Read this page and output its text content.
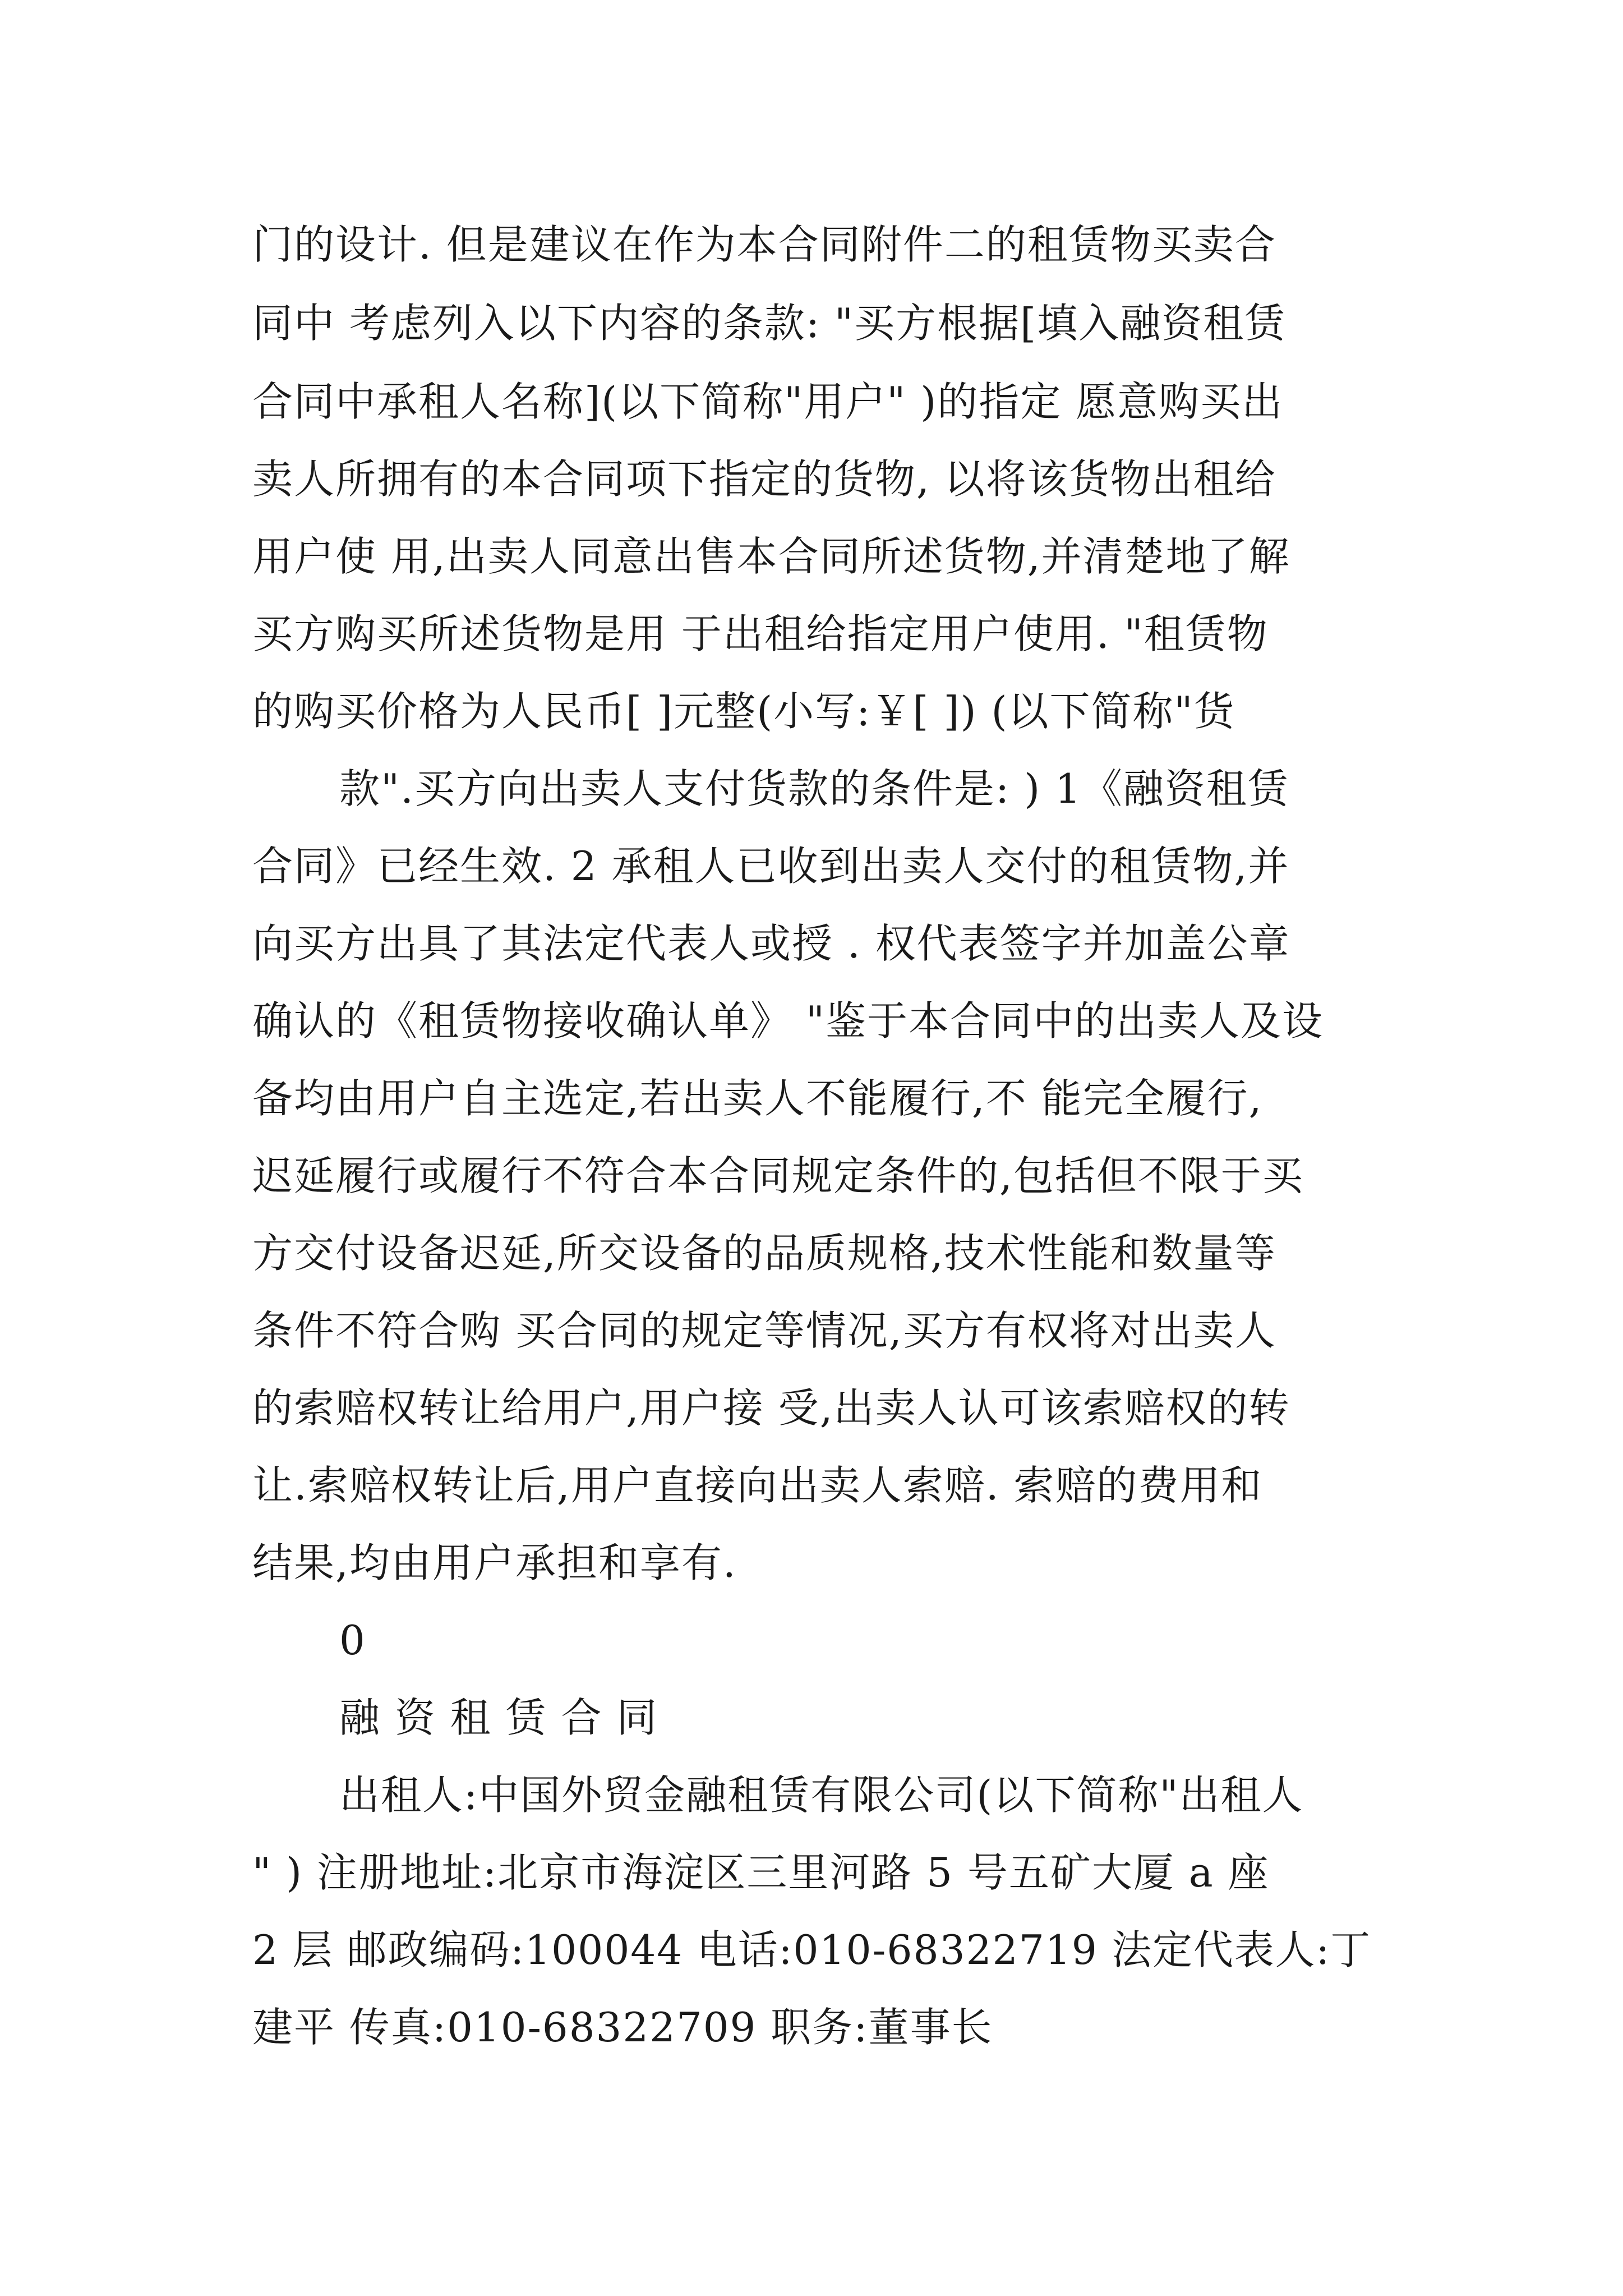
门的设计. 但是建议在作为本合同附件二的租赁物买卖合
同中 考虑列入以下内容的条款: "买方根据[填入融资租赁
合同中承租人名称](以下简称"用户" )的指定 愿意购买出
卖人所拥有的本合同项下指定的货物, 以将该货物出租给
用户使 用,出卖人同意出售本合同所述货物,并清楚地了解
买方购买所述货物是用 于出租给指定用户使用. "租赁物
的购买价格为人民币[ ]元整(小写:￥[ ]) (以下简称"货
款".买方向出卖人支付货款的条件是: ) 1《融资租赁
合同》已经生效. 2 承租人已收到出卖人交付的租赁物,并
向买方出具了其法定代表人或授 . 权代表签字并加盖公章
确认的《租赁物接收确认单》 "鉴于本合同中的出卖人及设
备均由用户自主选定,若出卖人不能履行,不 能完全履行,
迟延履行或履行不符合本合同规定条件的,包括但不限于买
方交付设备迟延,所交设备的品质规格,技术性能和数量等
条件不符合购 买合同的规定等情况,买方有权将对出卖人
的索赔权转让给用户,用户接 受,出卖人认可该索赔权的转
让.索赔权转让后,用户直接向出卖人索赔. 索赔的费用和
结果,均由用户承担和享有.
0
融 资 租 赁 合 同
出租人:中国外贸金融租赁有限公司(以下简称"出租人
" ) 注册地址:北京市海淀区三里河路 5 号五矿大厦 a 座
2 层 邮政编码:100044 电话:010-68322719 法定代表人:丁
建平 传真:010-68322709 职务:董事长
